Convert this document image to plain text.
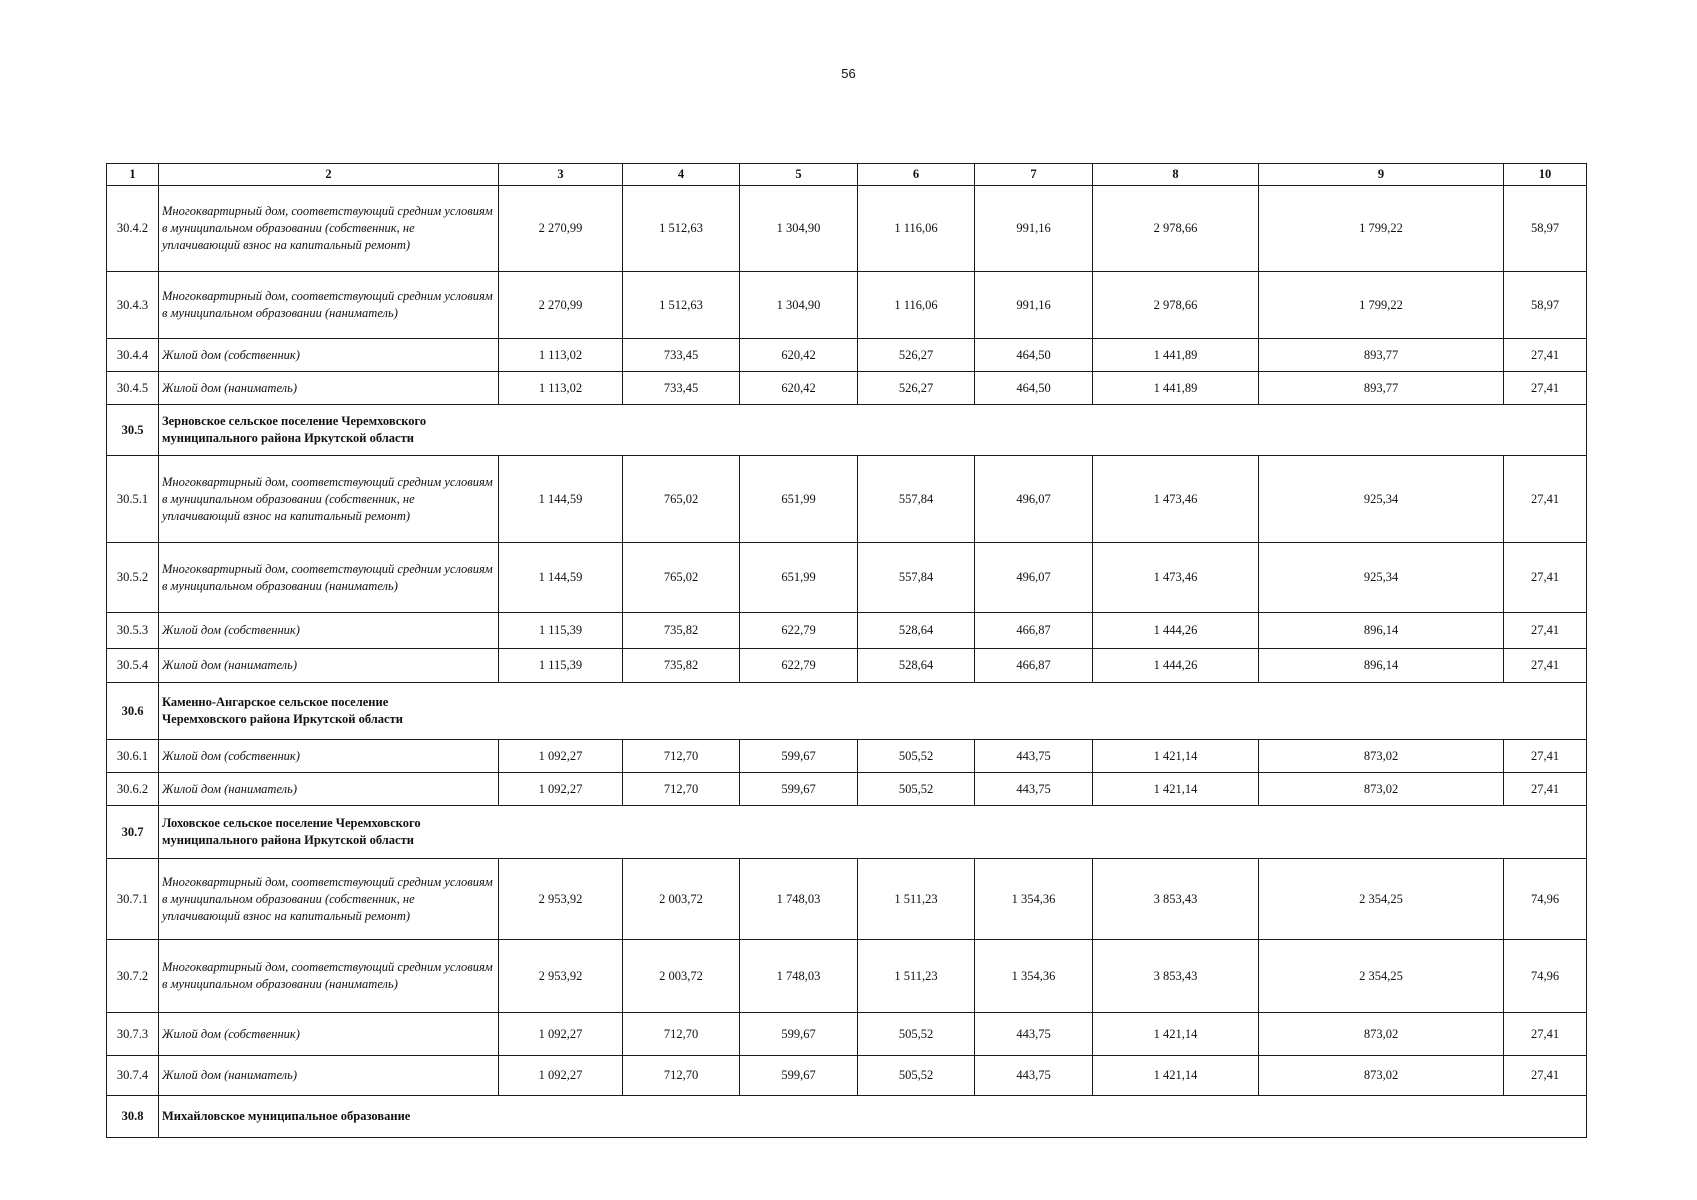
56
1	2	3	4	5	6	7	8	9	10
30.4.2	Многоквартирный дом, соответствующий средним условиям в муниципальном образовании (собственник, не уплачивающий взнос на капитальный ремонт)	2 270,99	1 512,63	1 304,90	1 116,06	991,16	2 978,66	1 799,22	58,97
30.4.3	Многоквартирный дом, соответствующий средним условиям в муниципальном образовании (наниматель)	2 270,99	1 512,63	1 304,90	1 116,06	991,16	2 978,66	1 799,22	58,97
30.4.4	Жилой дом (собственник)	1 113,02	733,45	620,42	526,27	464,50	1 441,89	893,77	27,41
30.4.5	Жилой дом (наниматель)	1 113,02	733,45	620,42	526,27	464,50	1 441,89	893,77	27,41
30.5	Зерновское сельское поселение Черемховского муниципального района Иркутской области								

30.5.1	Многоквартирный дом, соответствующий средним условиям в муниципальном образовании (собственник, не уплачивающий взнос на капитальный ремонт)	1 144,59	765,02	651,99	557,84	496,07	1 473,46	925,34	27,41
30.5.2	Многоквартирный дом, соответствующий средним условиям в муниципальном образовании (наниматель)	1 144,59	765,02	651,99	557,84	496,07	1 473,46	925,34	27,41
30.5.3	Жилой дом (собственник)	1 115,39	735,82	622,79	528,64	466,87	1 444,26	896,14	27,41
30.5.4	Жилой дом (наниматель)	1 115,39	735,82	622,79	528,64	466,87	1 444,26	896,14	27,41
30.6	Каменно-Ангарское сельское поселение Черемховского района Иркутской области								

30.6.1	Жилой дом (собственник)	1 092,27	712,70	599,67	505,52	443,75	1 421,14	873,02	27,41
30.6.2	Жилой дом (наниматель)	1 092,27	712,70	599,67	505,52	443,75	1 421,14	873,02	27,41
30.7	Лоховское сельское поселение Черемховского муниципального района Иркутской области								

30.7.1	Многоквартирный дом, соответствующий средним условиям в муниципальном образовании (собственник, не уплачивающий взнос на капитальный ремонт)	2 953,92	2 003,72	1 748,03	1 511,23	1 354,36	3 853,43	2 354,25	74,96
30.7.2	Многоквартирный дом, соответствующий средним условиям в муниципальном образовании (наниматель)	2 953,92	2 003,72	1 748,03	1 511,23	1 354,36	3 853,43	2 354,25	74,96
30.7.3	Жилой дом (собственник)	1 092,27	712,70	599,67	505,52	443,75	1 421,14	873,02	27,41
30.7.4	Жилой дом (наниматель)	1 092,27	712,70	599,67	505,52	443,75	1 421,14	873,02	27,41
30.8	Михайловское муниципальное образование								
